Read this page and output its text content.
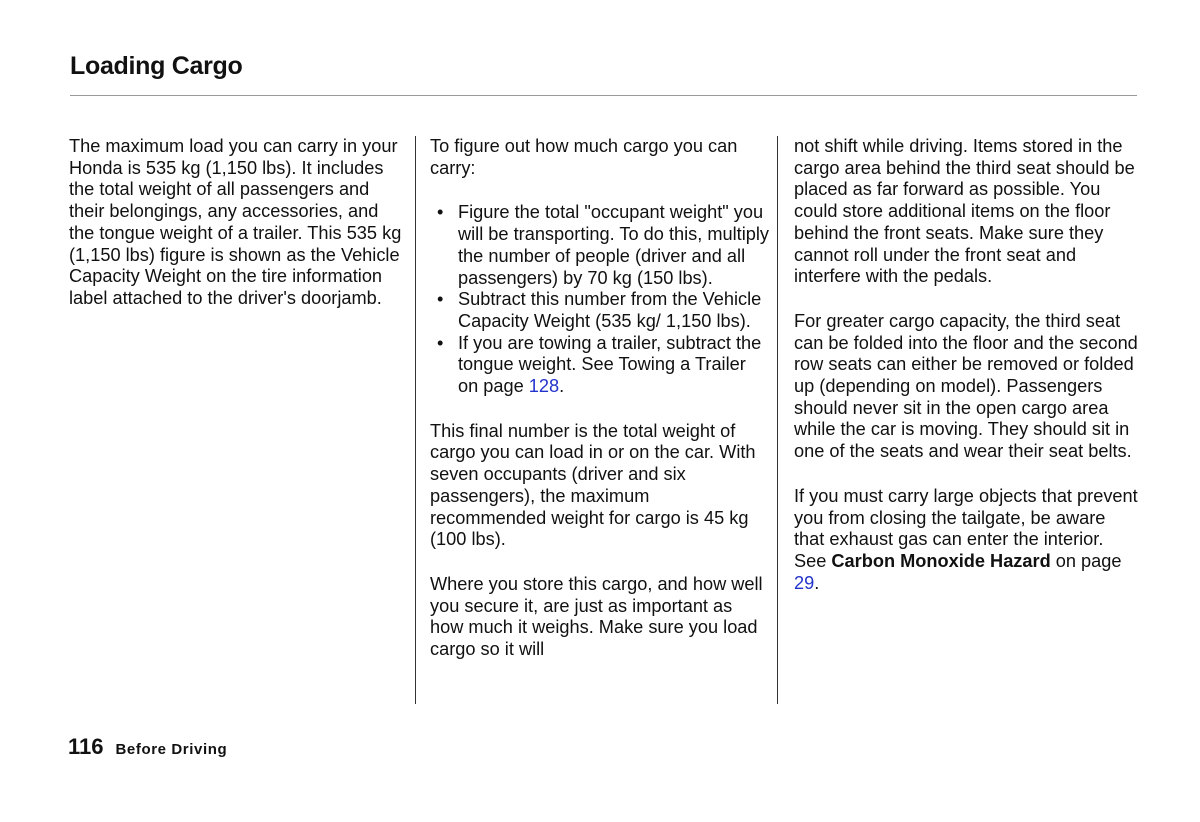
Loading Cargo

The maximum load you can carry in your Honda is 535 kg (1,150 lbs). It includes the total weight of all passengers and their belongings, any accessories, and the tongue weight of a trailer. This 535 kg (1,150 lbs) figure is shown as the Vehicle Capacity Weight on the tire information label attached to the driver's doorjamb.

To figure out how much cargo you can carry:

• Figure the total "occupant weight" you will be transporting. To do this, multiply the number of people (driver and all passengers) by 70 kg (150 lbs).
• Subtract this number from the Vehicle Capacity Weight (535 kg/ 1,150 lbs).
• If you are towing a trailer, subtract the tongue weight. See Towing a Trailer on page 128.

This final number is the total weight of cargo you can load in or on the car. With seven occupants (driver and six passengers), the maximum recommended weight for cargo is 45 kg (100 lbs).

Where you store this cargo, and how well you secure it, are just as important as how much it weighs. Make sure you load cargo so it will

not shift while driving. Items stored in the cargo area behind the third seat should be placed as far forward as possible. You could store additional items on the floor behind the front seats. Make sure they cannot roll under the front seat and interfere with the pedals.

For greater cargo capacity, the third seat can be folded into the floor and the second row seats can either be removed or folded up (depending on model). Passengers should never sit in the open cargo area while the car is moving. They should sit in one of the seats and wear their seat belts.

If you must carry large objects that prevent you from closing the tailgate, be aware that exhaust gas can enter the interior. See Carbon Monoxide Hazard on page 29.

116 Before Driving
